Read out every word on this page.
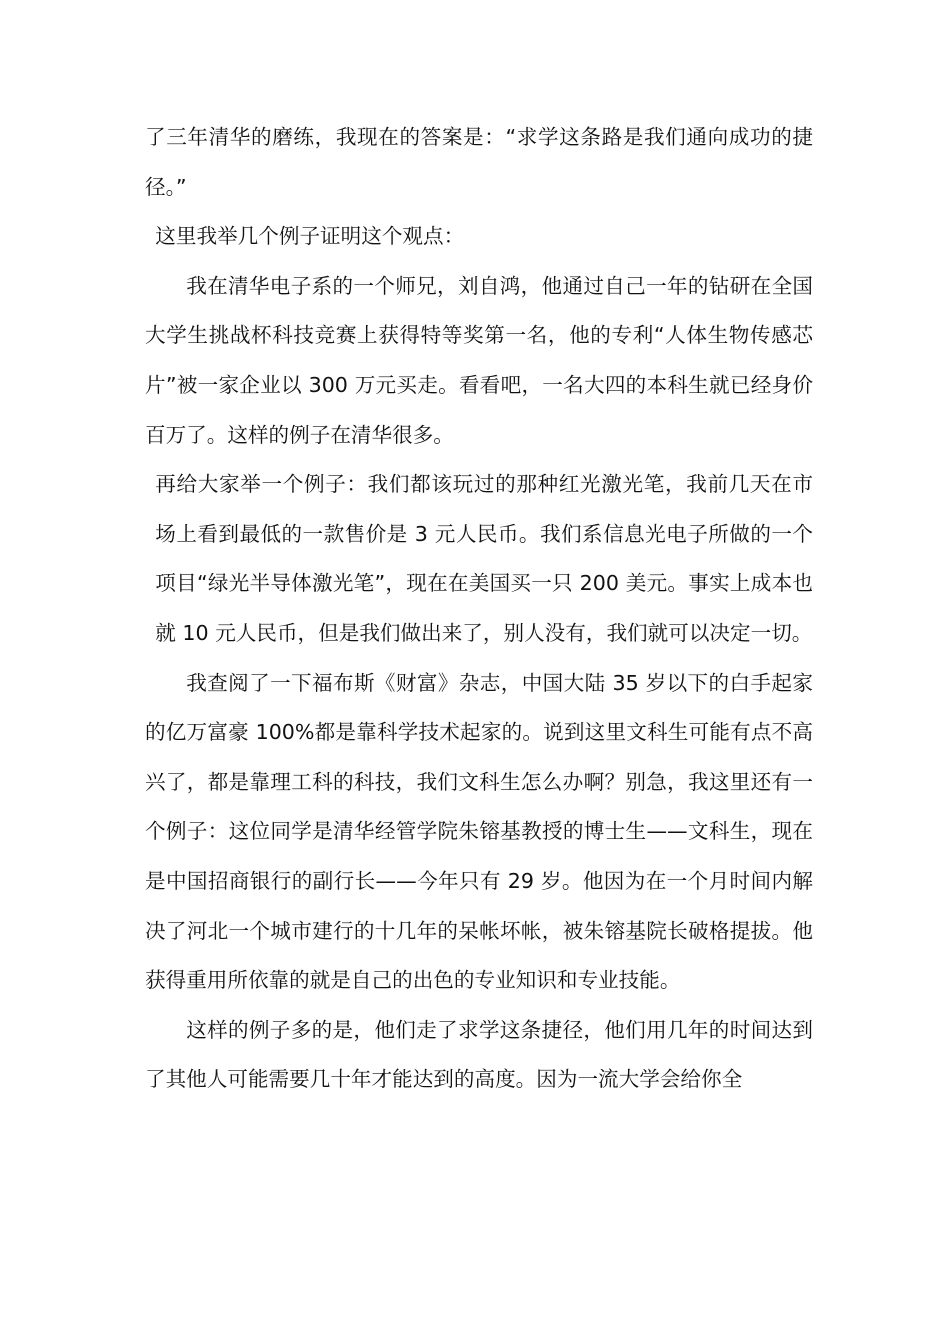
了三年清华的磨练，我现在的答案是：“求学这条路是我们通向成功的捷径。”

这里我举几个例子证明这个观点：

我在清华电子系的一个师兄，刘自鸿，他通过自己一年的钻研在全国大学生挑战杯科技竞赛上获得特等奖第一名，他的专利“人体生物传感芯片”被一家企业以 300 万元买走。看看吧，一名大四的本科生就已经身价百万了。这样的例子在清华很多。

再给大家举一个例子：我们都该玩过的那种红光激光笔，我前几天在市场上看到最低的一款售价是 3 元人民币。我们系信息光电子所做的一个项目“绿光半导体激光笔”，现在在美国买一只 200 美元。事实上成本也就 10 元人民币，但是我们做出来了，别人没有，我们就可以决定一切。

我查阅了一下福布斯《财富》杂志，中国大陆 35 岁以下的白手起家的亿万富豪 100%都是靠科学技术起家的。说到这里文科生可能有点不高兴了，都是靠理工科的科技，我们文科生怎么办啊？别急，我这里还有一个例子：这位同学是清华经管学院朱镕基教授的博士生——文科生，现在是中国招商银行的副行长——今年只有 29 岁。他因为在一个月时间内解决了河北一个城市建行的十几年的呆帐坏帐，被朱镕基院长破格提拔。他获得重用所依靠的就是自己的出色的专业知识和专业技能。

这样的例子多的是，他们走了求学这条捷径，他们用几年的时间达到了其他人可能需要几十年才能达到的高度。因为一流大学会给你全
